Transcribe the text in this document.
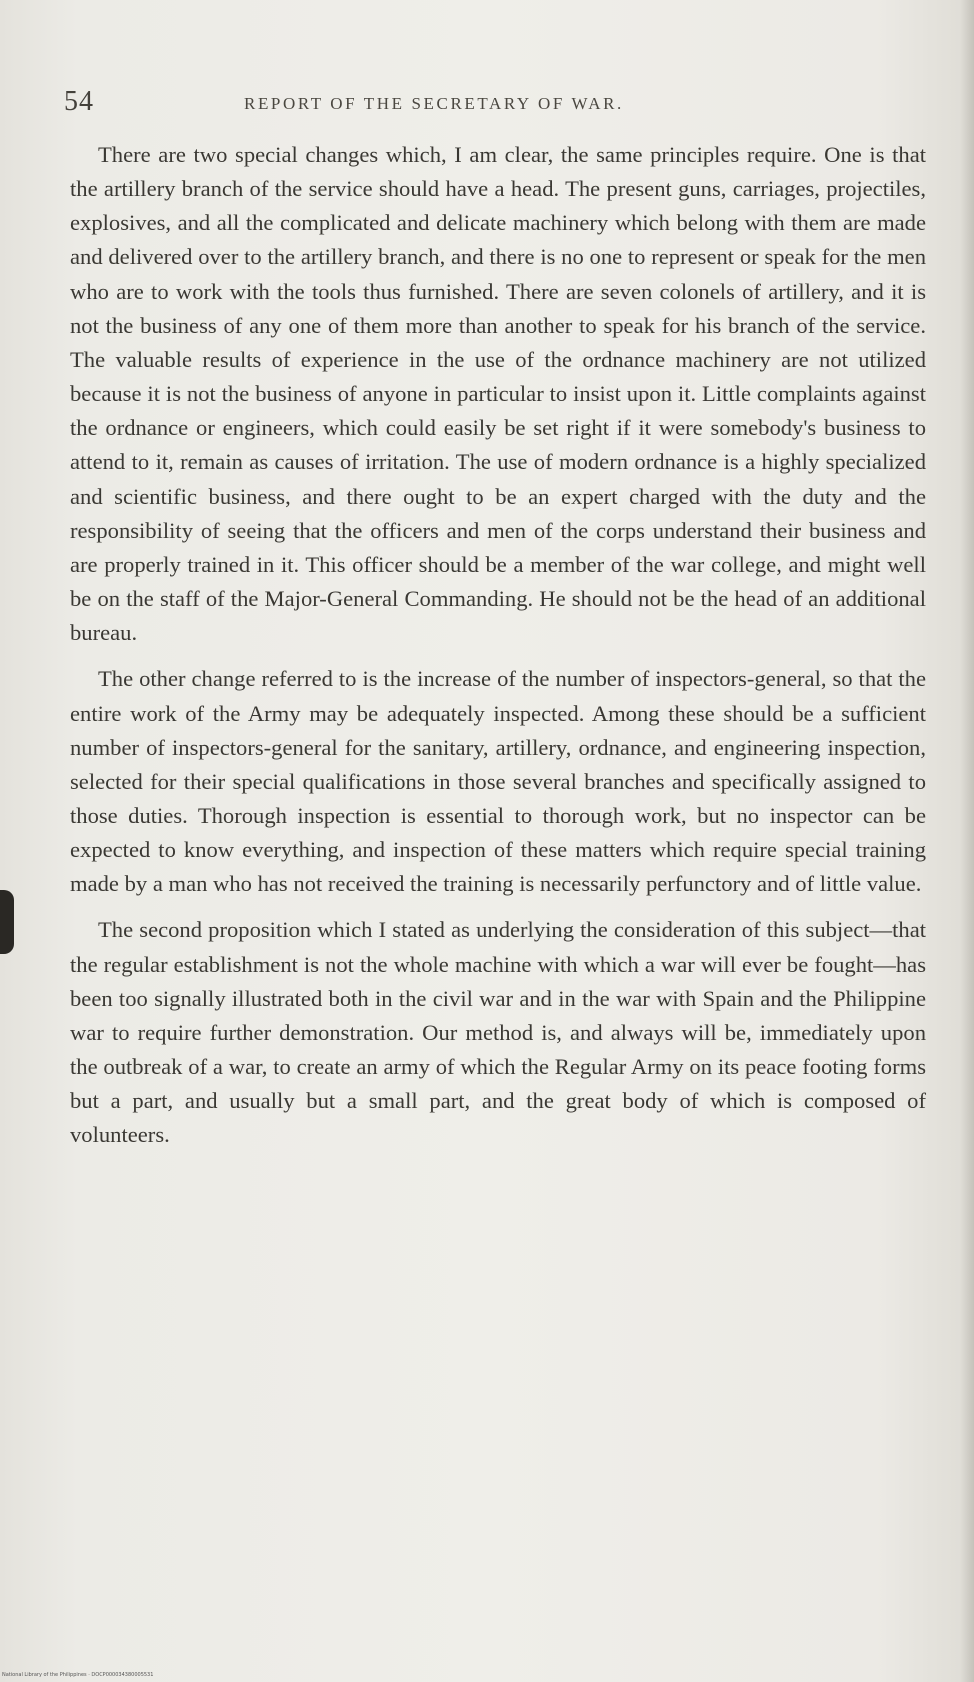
54	REPORT OF THE SECRETARY OF WAR.

There are two special changes which, I am clear, the same principles require. One is that the artillery branch of the service should have a head. The present guns, carriages, projectiles, explosives, and all the complicated and delicate machinery which belong with them are made and delivered over to the artillery branch, and there is no one to represent or speak for the men who are to work with the tools thus furnished. There are seven colonels of artillery, and it is not the business of any one of them more than another to speak for his branch of the service. The valuable results of experience in the use of the ordnance machinery are not utilized because it is not the business of anyone in particular to insist upon it. Little complaints against the ordnance or engineers, which could easily be set right if it were somebody's business to attend to it, remain as causes of irritation. The use of modern ordnance is a highly specialized and scientific business, and there ought to be an expert charged with the duty and the responsibility of seeing that the officers and men of the corps understand their business and are properly trained in it. This officer should be a member of the war college, and might well be on the staff of the Major-General Commanding. He should not be the head of an additional bureau.

The other change referred to is the increase of the number of inspectors-general, so that the entire work of the Army may be adequately inspected. Among these should be a sufficient number of inspectors-general for the sanitary, artillery, ordnance, and engineering inspection, selected for their special qualifications in those several branches and specifically assigned to those duties. Thorough inspection is essential to thorough work, but no inspector can be expected to know everything, and inspection of these matters which require special training made by a man who has not received the training is necessarily perfunctory and of little value.

The second proposition which I stated as underlying the consideration of this subject—that the regular establishment is not the whole machine with which a war will ever be fought—has been too signally illustrated both in the civil war and in the war with Spain and the Philippine war to require further demonstration. Our method is, and always will be, immediately upon the outbreak of a war, to create an army of which the Regular Army on its peace footing forms but a part, and usually but a small part, and the great body of which is composed of volunteers.

National Library of the Philippines · DOCP000034380005531
